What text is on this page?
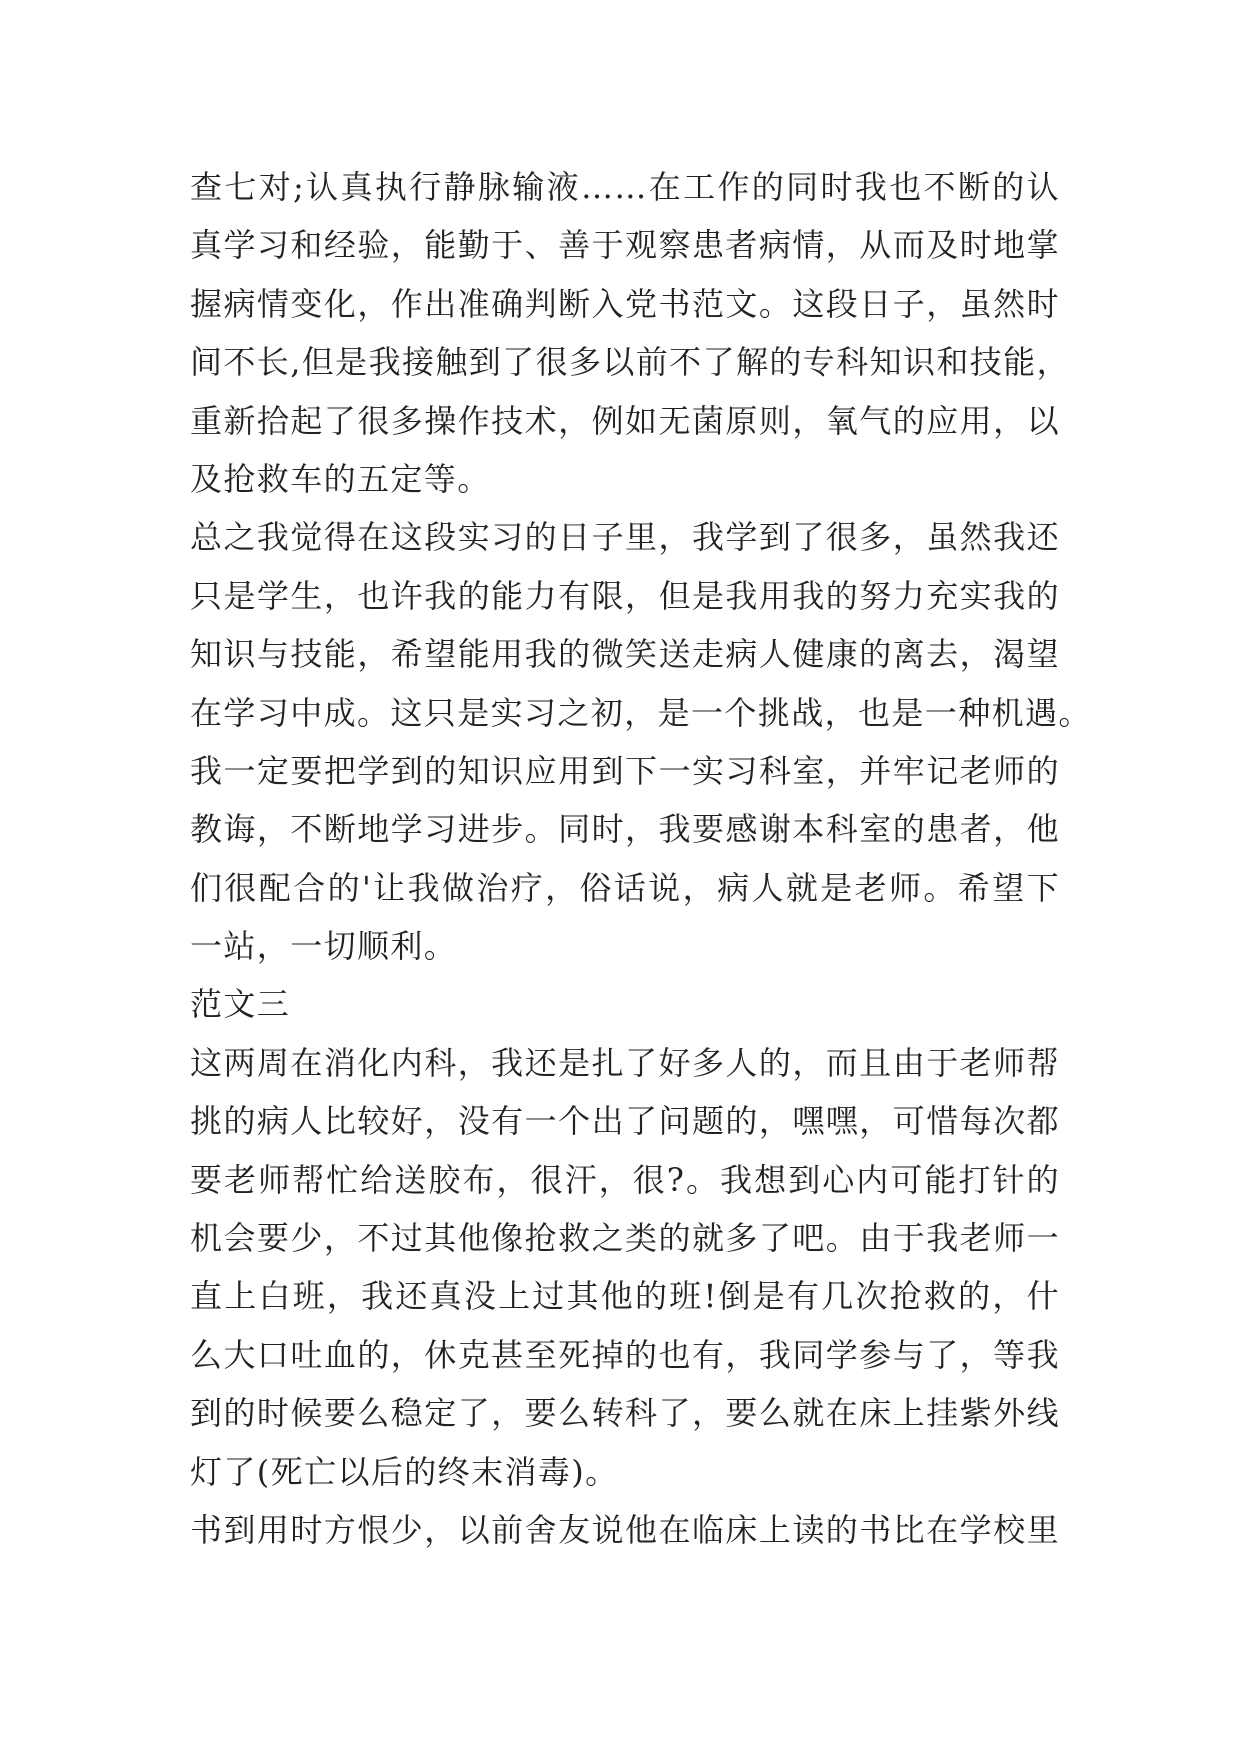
查七对;认真执行静脉输液……在工作的同时我也不断的认
真学习和经验，能勤于、善于观察患者病情，从而及时地掌
握病情变化，作出准确判断入党书范文。这段日子，虽然时
间不长,但是我接触到了很多以前不了解的专科知识和技能，
重新拾起了很多操作技术，例如无菌原则，氧气的应用，以
及抢救车的五定等。
总之我觉得在这段实习的日子里，我学到了很多，虽然我还
只是学生，也许我的能力有限，但是我用我的努力充实我的
知识与技能，希望能用我的微笑送走病人健康的离去，渴望
在学习中成。这只是实习之初，是一个挑战，也是一种机遇。
我一定要把学到的知识应用到下一实习科室，并牢记老师的
教诲，不断地学习进步。同时，我要感谢本科室的患者，他
们很配合的'让我做治疗，俗话说，病人就是老师。希望下
一站，一切顺利。
范文三
这两周在消化内科，我还是扎了好多人的，而且由于老师帮
挑的病人比较好，没有一个出了问题的，嘿嘿，可惜每次都
要老师帮忙给送胶布，很汗，很?。我想到心内可能打针的
机会要少，不过其他像抢救之类的就多了吧。由于我老师一
直上白班，我还真没上过其他的班!倒是有几次抢救的，什
么大口吐血的，休克甚至死掉的也有，我同学参与了，等我
到的时候要么稳定了，要么转科了，要么就在床上挂紫外线
灯了(死亡以后的终末消毒)。
书到用时方恨少，以前舍友说他在临床上读的书比在学校里
